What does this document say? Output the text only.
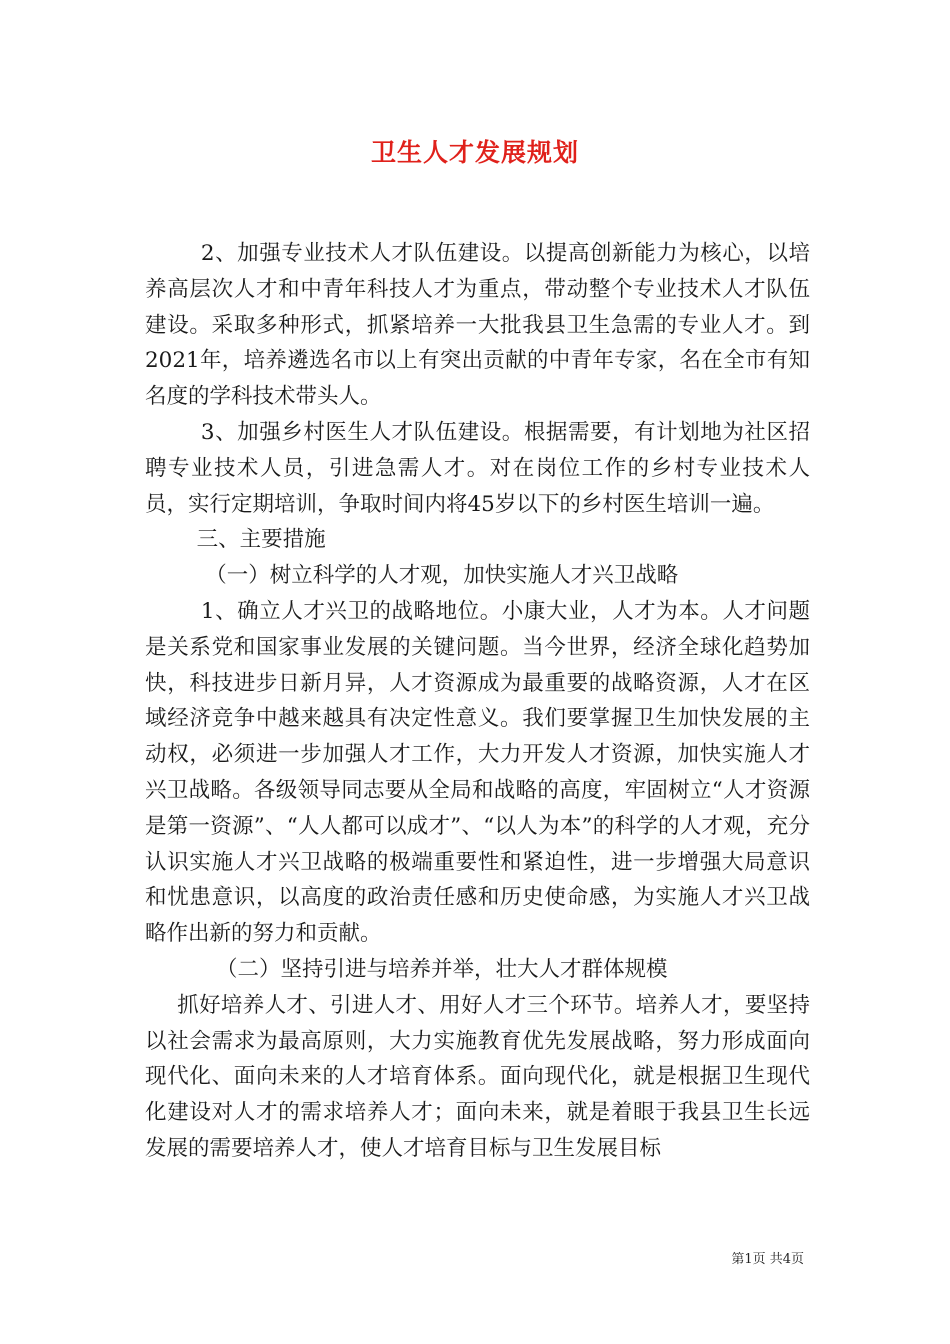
卫生人才发展规划

2、加强专业技术人才队伍建设。以提高创新能力为核心，以培养高层次人才和中青年科技人才为重点，带动整个专业技术人才队伍建设。采取多种形式，抓紧培养一大批我县卫生急需的专业人才。到2021年，培养遴选名市以上有突出贡献的中青年专家，名在全市有知名度的学科技术带头人。

3、加强乡村医生人才队伍建设。根据需要，有计划地为社区招聘专业技术人员，引进急需人才。对在岗位工作的乡村专业技术人员，实行定期培训，争取时间内将45岁以下的乡村医生培训一遍。

三、主要措施

（一）树立科学的人才观，加快实施人才兴卫战略

1、确立人才兴卫的战略地位。小康大业，人才为本。人才问题是关系党和国家事业发展的关键问题。当今世界，经济全球化趋势加快，科技进步日新月异，人才资源成为最重要的战略资源，人才在区域经济竞争中越来越具有决定性意义。我们要掌握卫生加快发展的主动权，必须进一步加强人才工作，大力开发人才资源，加快实施人才兴卫战略。各级领导同志要从全局和战略的高度，牢固树立“人才资源是第一资源”、“人人都可以成才”、“以人为本”的科学的人才观，充分认识实施人才兴卫战略的极端重要性和紧迫性，进一步增强大局意识和忧患意识，以高度的政治责任感和历史使命感，为实施人才兴卫战略作出新的努力和贡献。

（二）坚持引进与培养并举，壮大人才群体规模

抓好培养人才、引进人才、用好人才三个环节。培养人才，要坚持以社会需求为最高原则，大力实施教育优先发展战略，努力形成面向现代化、面向未来的人才培育体系。面向现代化，就是根据卫生现代化建设对人才的需求培养人才；面向未来，就是着眼于我县卫生长远发展的需要培养人才，使人才培育目标与卫生发展目标

第1页 共4页
